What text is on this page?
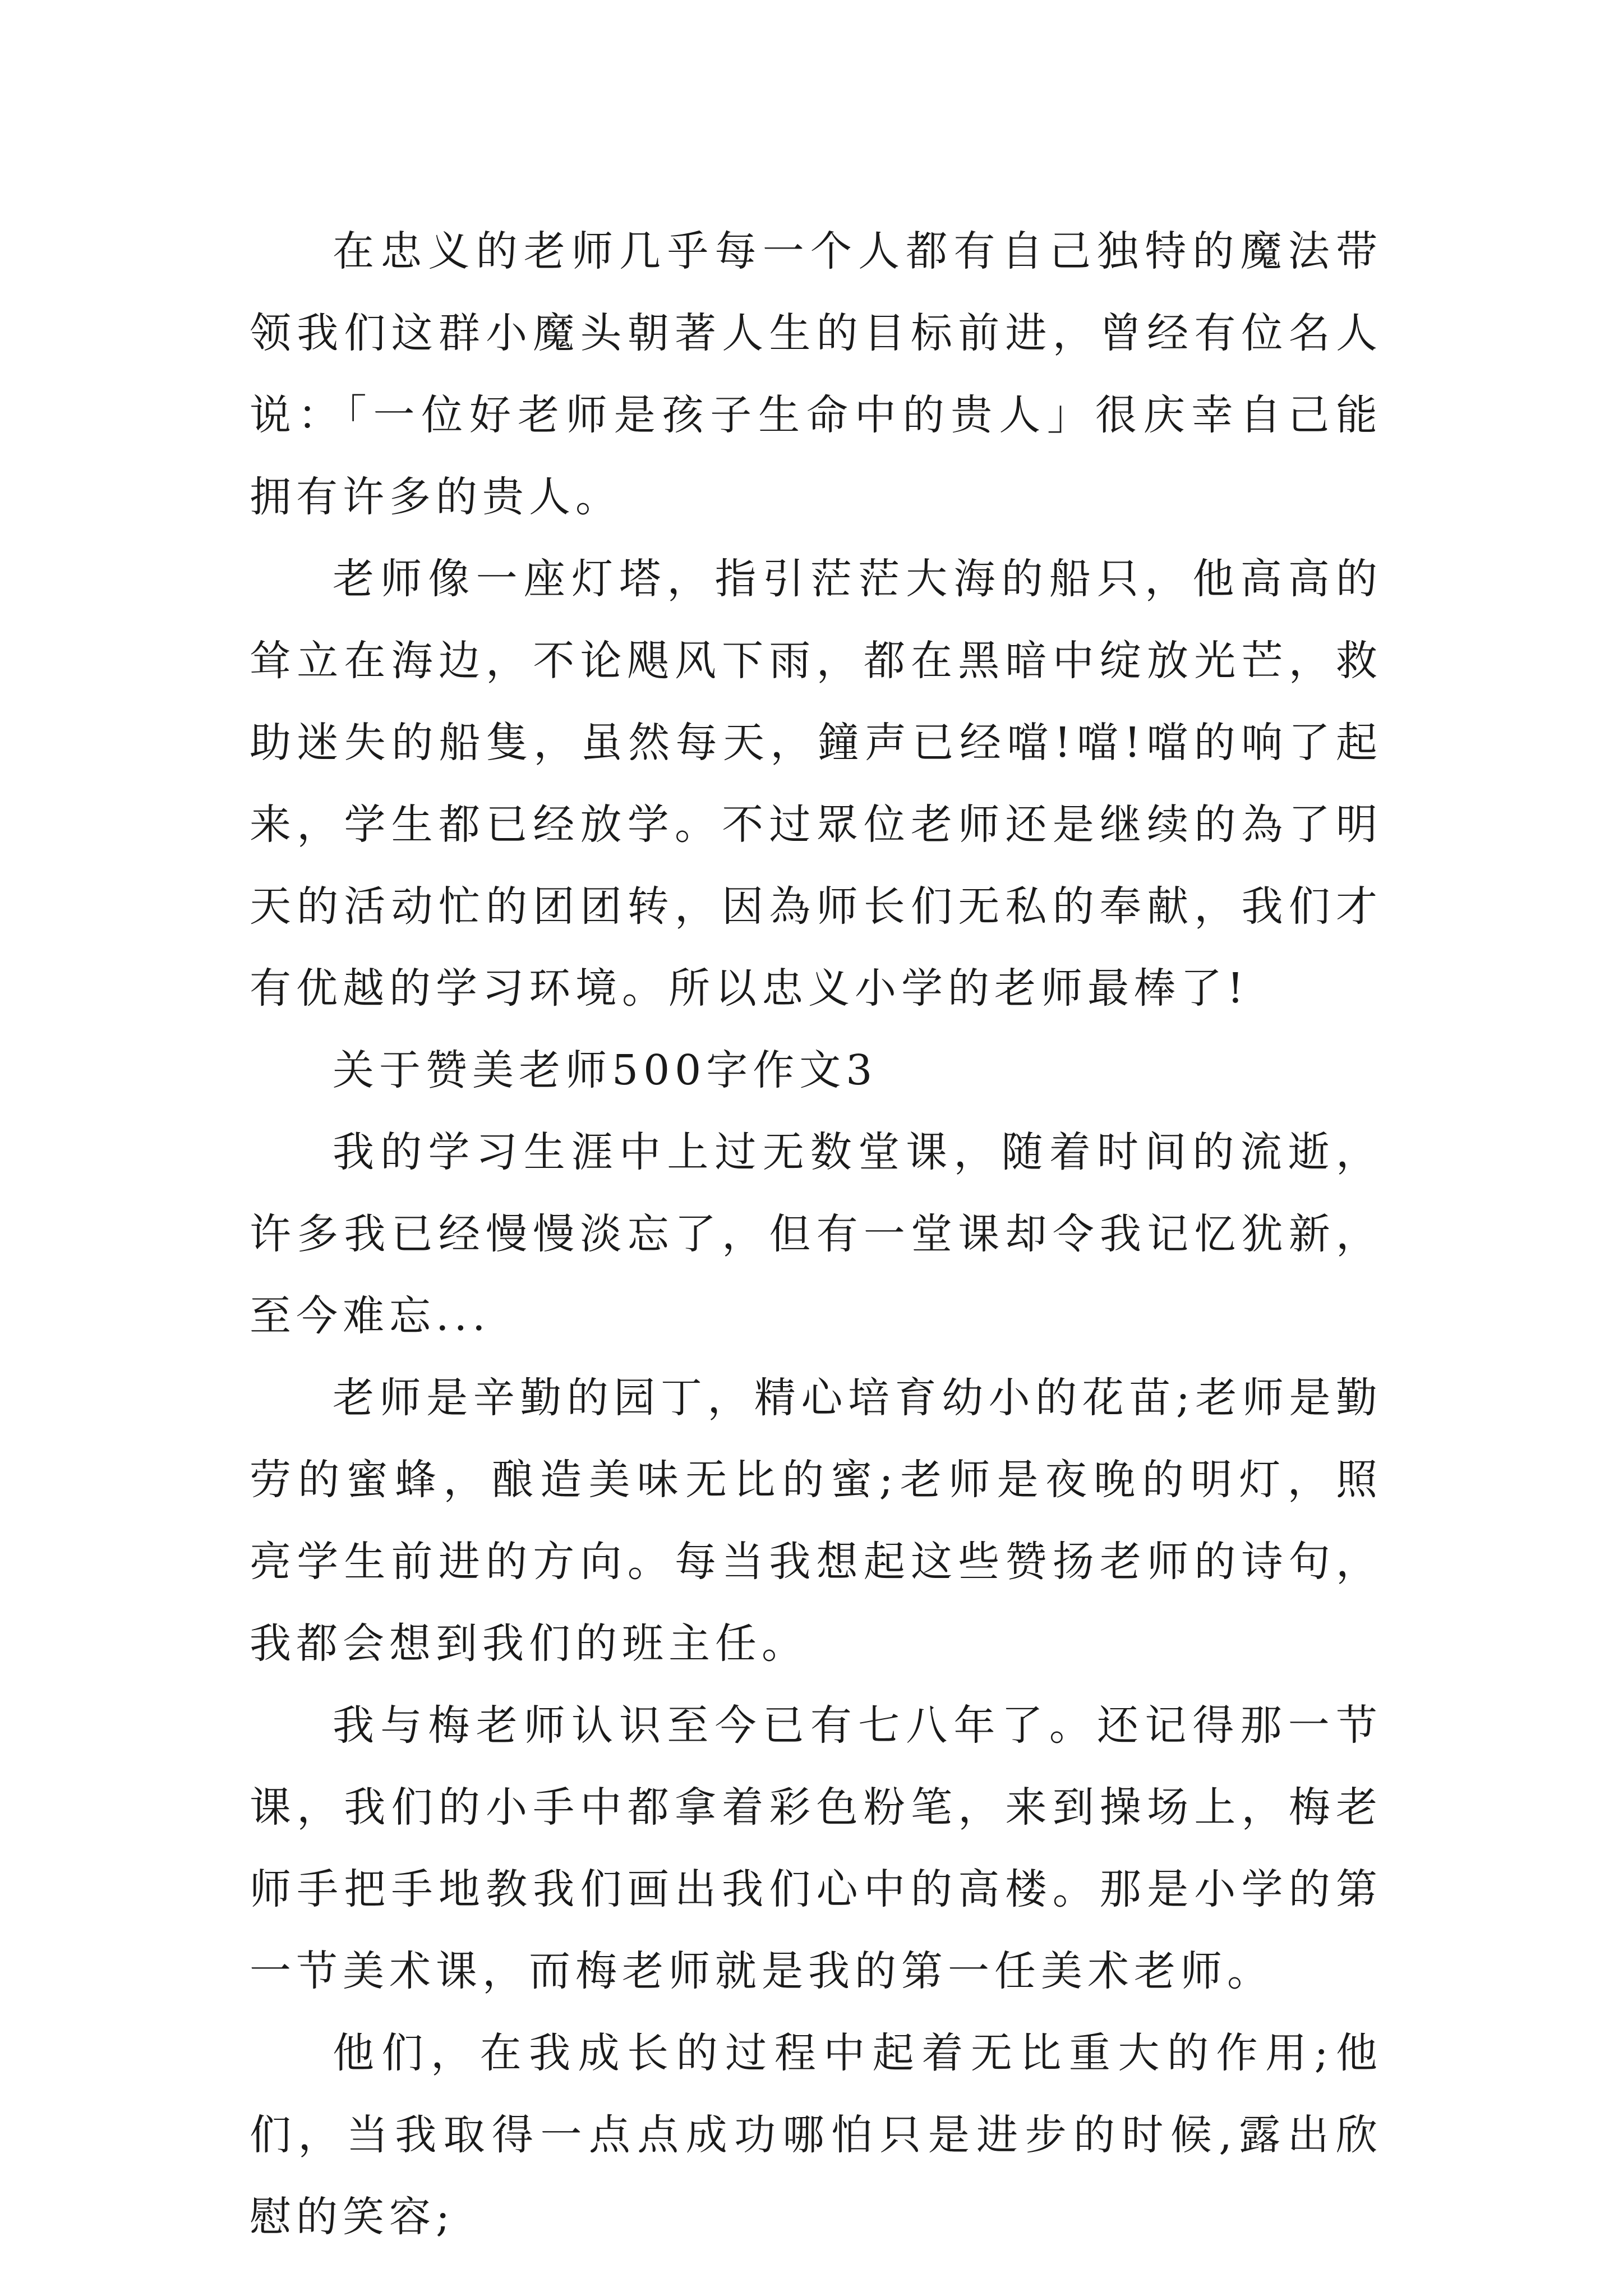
在忠义的老师几乎每一个人都有自己独特的魔法带领我们这群小魔头朝著人生的目标前进，曾经有位名人说：「一位好老师是孩子生命中的贵人」很庆幸自己能拥有许多的贵人。

老师像一座灯塔，指引茫茫大海的船只，他高高的耸立在海边，不论飓风下雨，都在黑暗中绽放光芒，救助迷失的船隻，虽然每天，鐘声已经噹!噹!噹的响了起来，学生都已经放学。不过眾位老师还是继续的為了明天的活动忙的团团转，因為师长们无私的奉献，我们才有优越的学习环境。所以忠义小学的老师最棒了!

关于赞美老师500字作文3

我的学习生涯中上过无数堂课，随着时间的流逝，许多我已经慢慢淡忘了，但有一堂课却令我记忆犹新，至今难忘...

老师是辛勤的园丁，精心培育幼小的花苗;老师是勤劳的蜜蜂，酿造美味无比的蜜;老师是夜晚的明灯，照亮学生前进的方向。每当我想起这些赞扬老师的诗句，我都会想到我们的班主任。

我与梅老师认识至今已有七八年了。还记得那一节课，我们的小手中都拿着彩色粉笔，来到操场上，梅老师手把手地教我们画出我们心中的高楼。那是小学的第一节美术课，而梅老师就是我的第一任美术老师。

他们，在我成长的过程中起着无比重大的作用;他们，当我取得一点点成功哪怕只是进步的时候,露出欣慰的笑容;
